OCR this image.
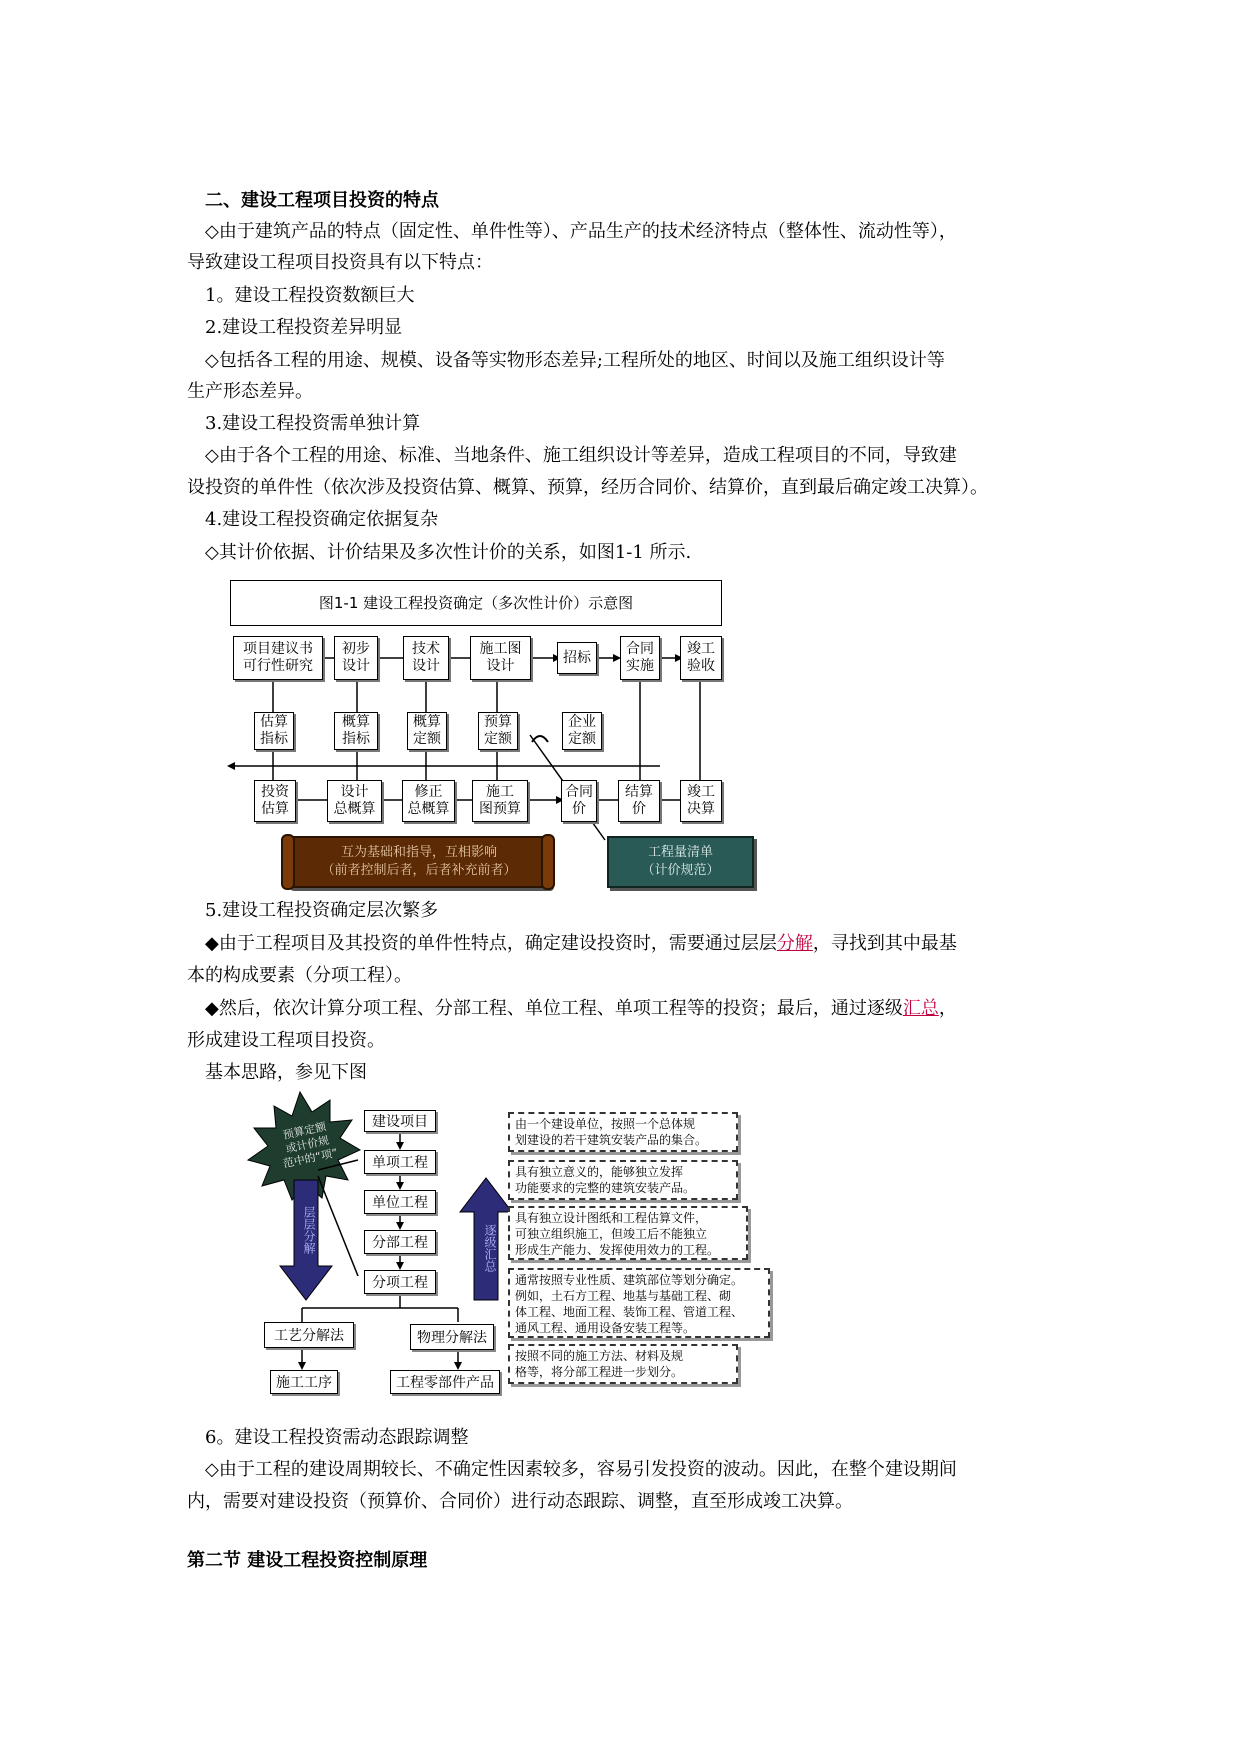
二、建设工程项目投资的特点
◇由于建筑产品的特点（固定性、单件性等）、产品生产的技术经济特点（整体性、流动性等），
导致建设工程项目投资具有以下特点：
1。建设工程投资数额巨大
2.建设工程投资差异明显
◇包括各工程的用途、规模、设备等实物形态差异;工程所处的地区、时间以及施工组织设计等
生产形态差异。
3.建设工程投资需单独计算
◇由于各个工程的用途、标准、当地条件、施工组织设计等差异，造成工程项目的不同，导致建
设投资的单件性（依次涉及投资估算、概算、预算，经历合同价、结算价，直到最后确定竣工决算）。
4.建设工程投资确定依据复杂
◇其计价依据、计价结果及多次性计价的关系，如图1-1 所示.
图1-1 建设工程投资确定（多次性计价）示意图
项目建议书
可行性研究
初步
设计
技术
设计
施工图
设计
招标
合同
实施
竣工
验收
估算
指标
概算
指标
概算
定额
预算
定额
企业
定额
投资
估算
设计
总概算
修正
总概算
施工
图预算
合同
价
结算
价
竣工
决算
互为基础和指导，互相影响
（前者控制后者，后者补充前者）
工程量清单
（计价规范）
5.建设工程投资确定层次繁多
◆由于工程项目及其投资的单件性特点，确定建设投资时，需要通过层层分解，寻找到其中最基
本的构成要素（分项工程）。
◆然后，依次计算分项工程、分部工程、单位工程、单项工程等的投资；最后，通过逐级汇总，
形成建设工程项目投资。
基本思路，参见下图
预算定额
或计价规
范中的“项”
层层分解	逐级汇总
建设项目
单项工程
单位工程
分部工程
分项工程
工艺分解法
施工工序
物理分解法
工程零部件产品
由一个建设单位，按照一个总体规
划建设的若干建筑安装产品的集合。
具有独立意义的，能够独立发挥
功能要求的完整的建筑安装产品。
具有独立设计图纸和工程估算文件，
可独立组织施工，但竣工后不能独立
形成生产能力、发挥使用效力的工程。
通常按照专业性质、建筑部位等划分确定。
例如，土石方工程、地基与基础工程、砌
体工程、地面工程、装饰工程、管道工程、
通风工程、通用设备安装工程等。
按照不同的施工方法、材料及规
格等，将分部工程进一步划分。
6。建设工程投资需动态跟踪调整
◇由于工程的建设周期较长、不确定性因素较多，容易引发投资的波动。因此，在整个建设期间
内，需要对建设投资（预算价、合同价）进行动态跟踪、调整，直至形成竣工决算。
第二节 建设工程投资控制原理
